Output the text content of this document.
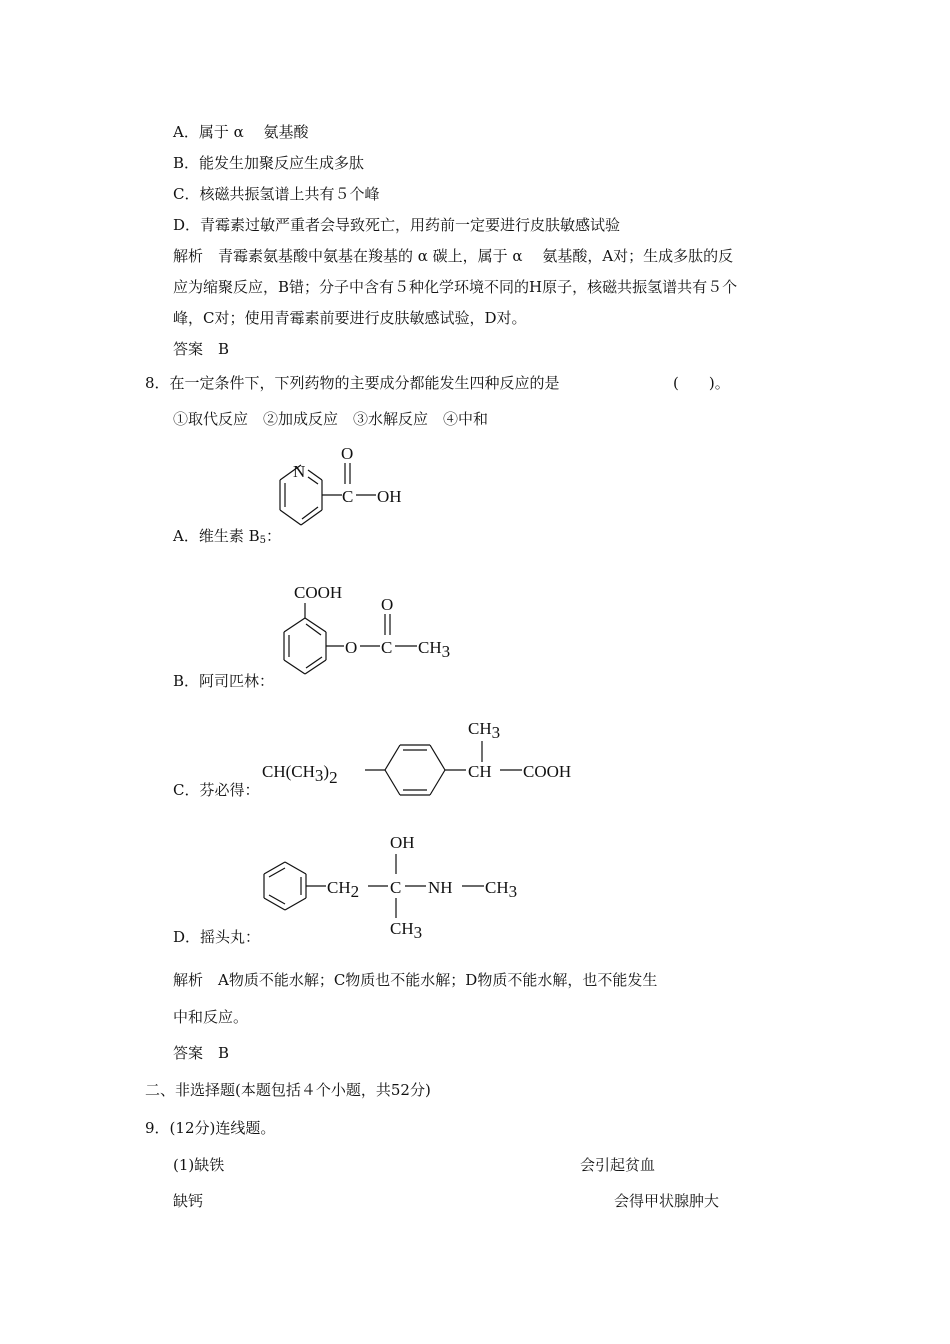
A．属于 α　 氨基酸
B．能发生加聚反应生成多肽
C．核磁共振氢谱上共有５个峰
D．青霉素过敏严重者会导致死亡，用药前一定要进行皮肤敏感试验
解析　青霉素氨基酸中氨基在羧基的 α 碳上，属于 α　 氨基酸，A对；生成多肽的反
应为缩聚反应，B错；分子中含有５种化学环境不同的H原子，核磁共振氢谱共有５个
峰，C对；使用青霉素前要进行皮肤敏感试验，D对。
答案　B
8．在一定条件下，下列药物的主要成分都能发生四种反应的是	(　　)。
①取代反应　②加成反应　③水解反应　④中和
N
C
O
OH
A．维生素 $B_5$：
COOH
O C
O
CH3
B．阿司匹林：
CH(CH3)2	CH
CH3
COOH
C．芬必得：
CH2 C
OH
CH3
NH CH3
D．摇头丸：
解析　A物质不能水解；C物质也不能水解；D物质不能水解，也不能发生
中和反应。
答案　B
二、非选择题(本题包括４个小题，共52分)
9．(12分)连线题。
(1)缺铁	会引起贫血
缺钙	会得甲状腺肿大
